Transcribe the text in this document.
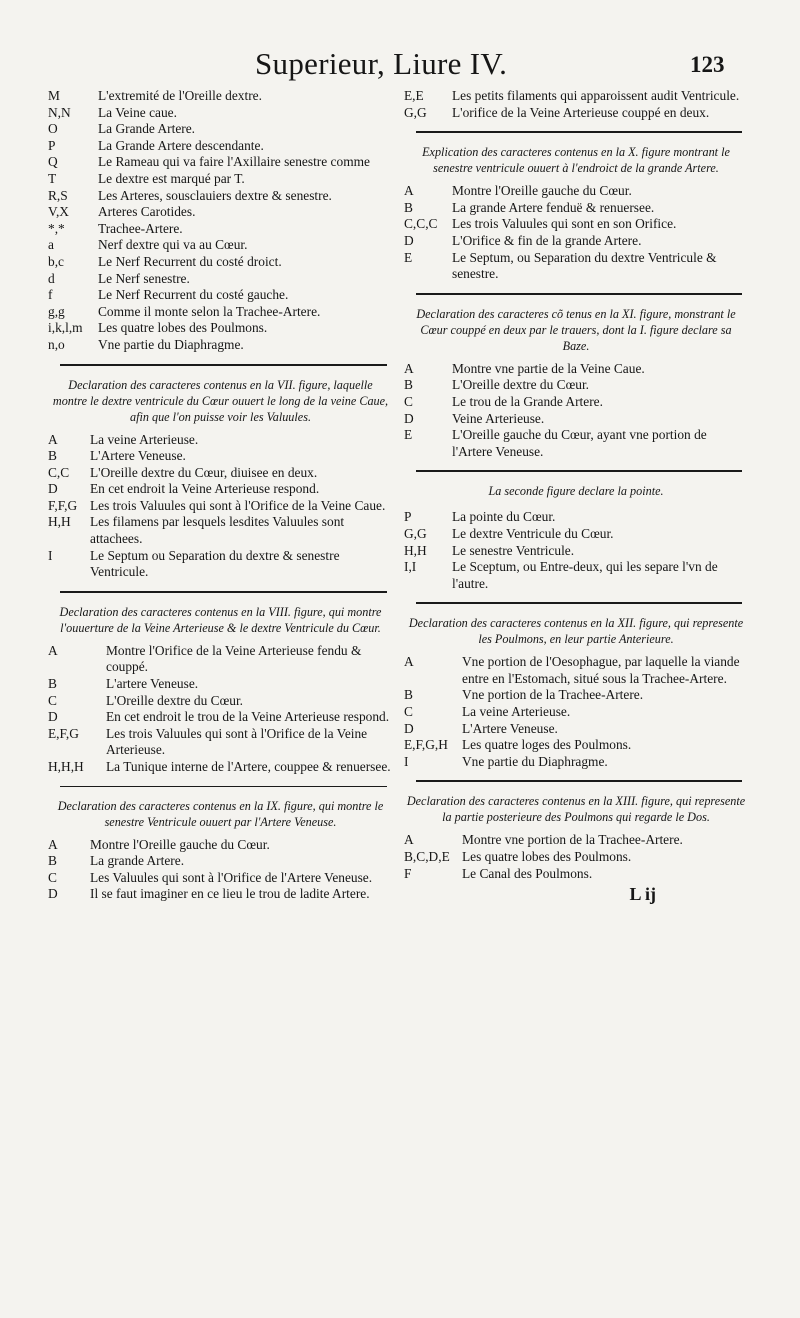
Superieur, Liure IV.	123
M	L'extremité de l'Oreille dextre.
N,N	La Veine caue.
O	La Grande Artere.
P	La Grande Artere descendante.
Q	Le Rameau qui va faire l'Axillaire senestre comme
T	Le dextre est marqué par T.
R,S	Les Arteres, sousclauiers dextre & senestre.
V,X	Arteres Carotides.
*,*	Trachee-Artere.
a	Nerf dextre qui va au Cœur.
b,c	Le Nerf Recurrent du costé droict.
d	Le Nerf senestre.
f	Le Nerf Recurrent du costé gauche.
g,g	Comme il monte selon la Trachee-Artere.
i,k,l,m	Les quatre lobes des Poulmons.
n,o	Vne partie du Diaphragme.
Declaration des caracteres contenus en la VII. figure, laquelle montre le dextre ventricule du Cœur ouuert le long de la veine Caue, afin que l'on puisse voir les Valuules.
A	La veine Arterieuse.
B	L'Artere Veneuse.
C,C	L'Oreille dextre du Cœur, diuisee en deux.
D	En cet endroit la Veine Arterieuse respond.
F,F,G Les trois Valuules qui sont à l'Orifice de la Veine Caue.
H,H	Les filamens par lesquels lesdites Valuules sont attachees.
I	Le Septum ou Separation du dextre & senestre Ventricule.
Declaration des caracteres contenus en la VIII. figure, qui montre l'ouuerture de la Veine Arterieuse & le dextre Ventricule du Cœur.
A	Montre l'Orifice de la Veine Arterieuse fendu & couppé.
B	L'artere Veneuse.
C	L'Oreille dextre du Cœur.
D	En cet endroit le trou de la Veine Arterieuse respond.
E,F,G	Les trois Valuules qui sont à l'Orifice de la Veine Arterieuse.
H,H,H	La Tunique interne de l'Artere, couppee & renuersee.
Declaration des caracteres contenus en la IX. figure, qui montre le senestre Ventricule ouuert par l'Artere Veneuse.
A	Montre l'Oreille gauche du Cœur.
B	La grande Artere.
C	Les Valuules qui sont à l'Orifice de l'Artere Veneuse.
D	Il se faut imaginer en ce lieu le trou de ladite Artere.
E,E	Les petits filaments qui apparoissent audit Ventricule.
G,G	L'orifice de la Veine Arterieuse couppé en deux.
Explication des caracteres contenus en la X. figure montrant le senestre ventricule ouuert à l'endroict de la grande Artere.
A	Montre l'Oreille gauche du Cœur.
B	La grande Artere fenduë & renuersee.
C,C,C	Les trois Valuules qui sont en son Orifice.
D	L'Orifice & fin de la grande Artere.
E	Le Septum, ou Separation du dextre Ventricule & senestre.
Declaration des caracteres cõ tenus en la XI. figure, monstrant le Cœur couppé en deux par le trauers, dont la I. figure declare sa Baze.
A	Montre vne partie de la Veine Caue.
B	L'Oreille dextre du Cœur.
C	Le trou de la Grande Artere.
D	Veine Arterieuse.
E	L'Oreille gauche du Cœur, ayant vne portion de l'Artere Veneuse.
La seconde figure declare la pointe.
P	La pointe du Cœur.
G,G	Le dextre Ventricule du Cœur.
H,H	Le senestre Ventricule.
I,I	Le Sceptum, ou Entre-deux, qui les separe l'vn de l'autre.
Declaration des caracteres contenus en la XII. figure, qui represente les Poulmons, en leur partie Anterieure.
A	Vne portion de l'Oesophague, par laquelle la viande entre en l'Estomach, situé sous la Trachee-Artere.
B	Vne portion de la Trachee-Artere.
C	La veine Arterieuse.
D	L'Artere Veneuse.
E,F,G,H	Les quatre loges des Poulmons.
I	Vne partie du Diaphragme.
Declaration des caracteres contenus en la XIII. figure, qui represente la partie posterieure des Poulmons qui regarde le Dos.
A	Montre vne portion de la Trachee-Artere.
B,C,D,E Les quatre lobes des Poulmons.
F	Le Canal des Poulmons.
L ij
